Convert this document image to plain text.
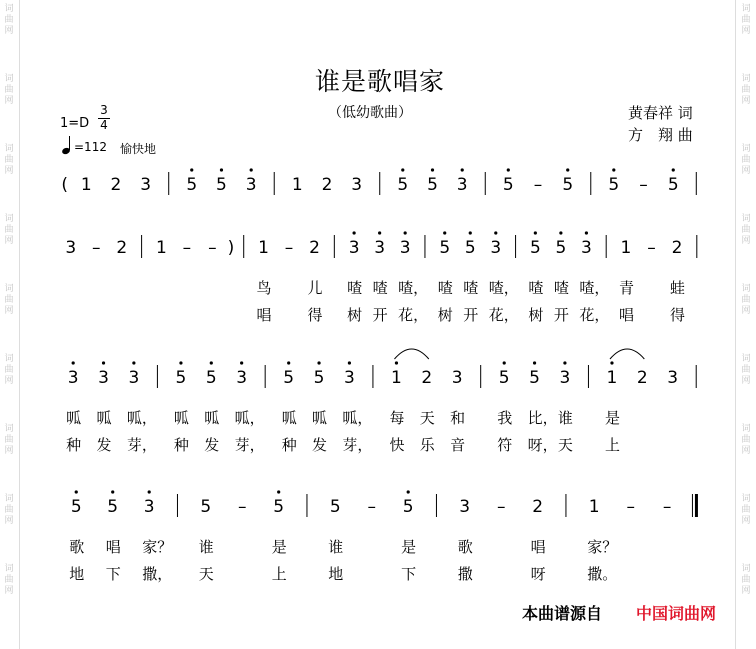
词
曲
网
词
曲
网
词
曲
网
词
曲
网
词
曲
网
词
曲
网
词
曲
网
词
曲
网
词
曲
网
词
曲
网
词
曲
网
词
曲
网
词
曲
网
词
曲
网
词
曲
网
词
曲
网
词
曲
网
词
曲
网
谁是歌唱家
（低幼歌曲）	黄春祥 词
方　翔 曲
1=D
3
4
=112 愉快地
( 1 2 3 5 5 3 1 2 3 5 5 3 5 – 5 5 – 5
3 – 2 1 – – ) 1 – 2 3 3 3 5 5 3 5 5 3 1 – 2
鸟 儿 喳 喳 喳， 喳 喳 喳， 喳 喳 喳， 青 蛙
唱 得 树 开 花， 树 开 花， 树 开 花， 唱 得
3 3 3 5 5 3 5 5 3 1 2 3 5 5 3 1 2 3
呱 呱 呱， 呱 呱 呱， 呱 呱 呱， 每 天 和 我 比， 谁 是
种 发 芽， 种 发 芽， 种 发 芽， 快 乐 音 符 呀， 天 上
5 5 3	5 – 5	5 – 5	3 – 2	1 – –
歌 唱 家？ 谁	是	谁	是	歌	唱	家？
地 下 撒， 天	上	地	下	撒	呀	撒。
本曲谱源自 中国词曲网
